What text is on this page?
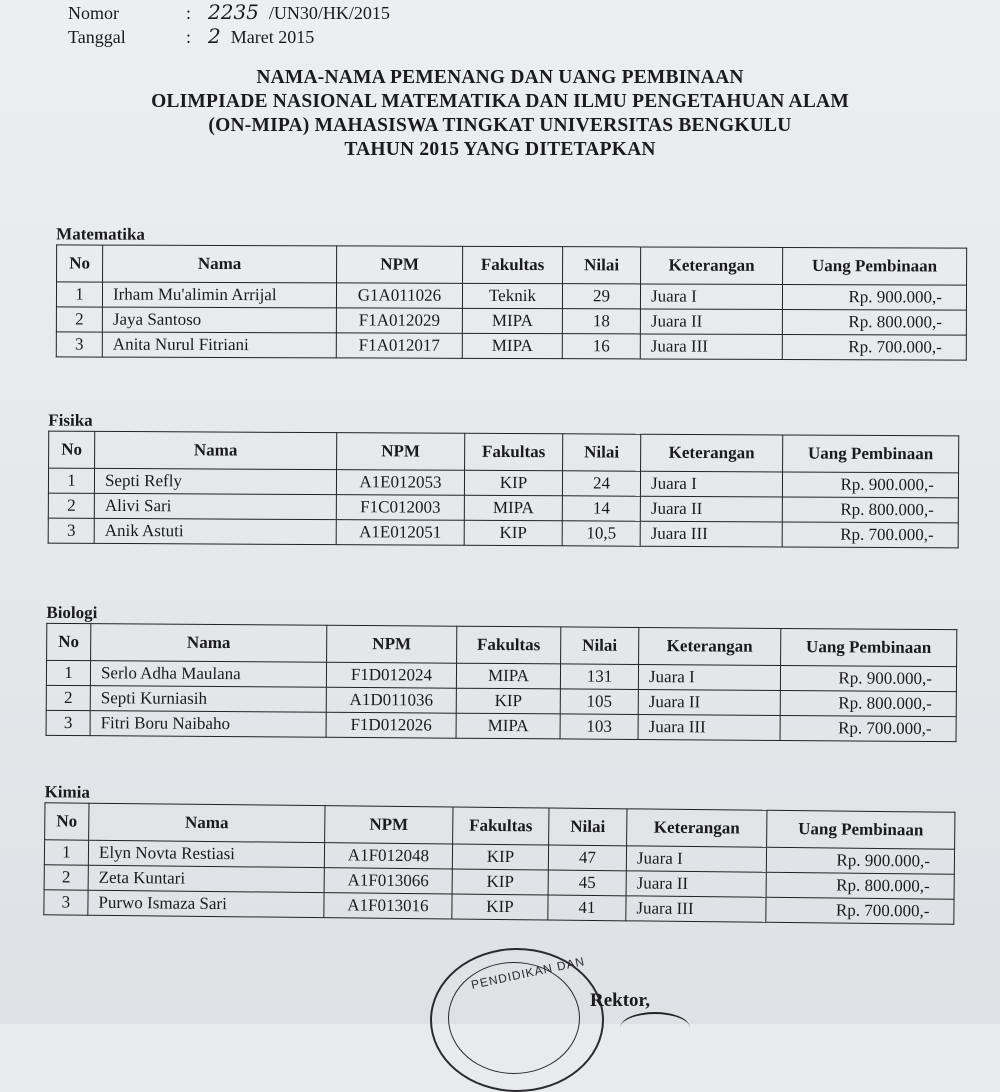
Nomor	: 2235 /UN30/HK/2015
Tanggal	: 2 Maret 2015
NAMA-NAMA PEMENANG DAN UANG PEMBINAAN
OLIMPIADE NASIONAL MATEMATIKA DAN ILMU PENGETAHUAN ALAM
(ON-MIPA) MAHASISWA TINGKAT UNIVERSITAS BENGKULU
TAHUN 2015 YANG DITETAPKAN
Matematika
No	Nama	NPM	Fakultas	Nilai	Keterangan	Uang Pembinaan
1	Irham Mu'alimin Arrijal	G1A011026	Teknik	29	Juara I	Rp. 900.000,-
2	Jaya Santoso	F1A012029	MIPA	18	Juara II	Rp. 800.000,-
3	Anita Nurul Fitriani	F1A012017	MIPA	16	Juara III	Rp. 700.000,-
Fisika
No	Nama	NPM	Fakultas	Nilai	Keterangan	Uang Pembinaan
1	Septi Refly	A1E012053	KIP	24	Juara I	Rp. 900.000,-
2	Alivi Sari	F1C012003	MIPA	14	Juara II	Rp. 800.000,-
3	Anik Astuti	A1E012051	KIP	10,5	Juara III	Rp. 700.000,-
Biologi
No	Nama	NPM	Fakultas	Nilai	Keterangan	Uang Pembinaan
1	Serlo Adha Maulana	F1D012024	MIPA	131	Juara I	Rp. 900.000,-
2	Septi Kurniasih	A1D011036	KIP	105	Juara II	Rp. 800.000,-
3	Fitri Boru Naibaho	F1D012026	MIPA	103	Juara III	Rp. 700.000,-
Kimia
No	Nama	NPM	Fakultas	Nilai	Keterangan	Uang Pembinaan
1	Elyn Novta Restiasi	A1F012048	KIP	47	Juara I	Rp. 900.000,-
2	Zeta Kuntari	A1F013066	KIP	45	Juara II	Rp. 800.000,-
3	Purwo Ismaza Sari	A1F013016	KIP	41	Juara III	Rp. 700.000,-
PENDIDIKAN DAN
Rektor,
